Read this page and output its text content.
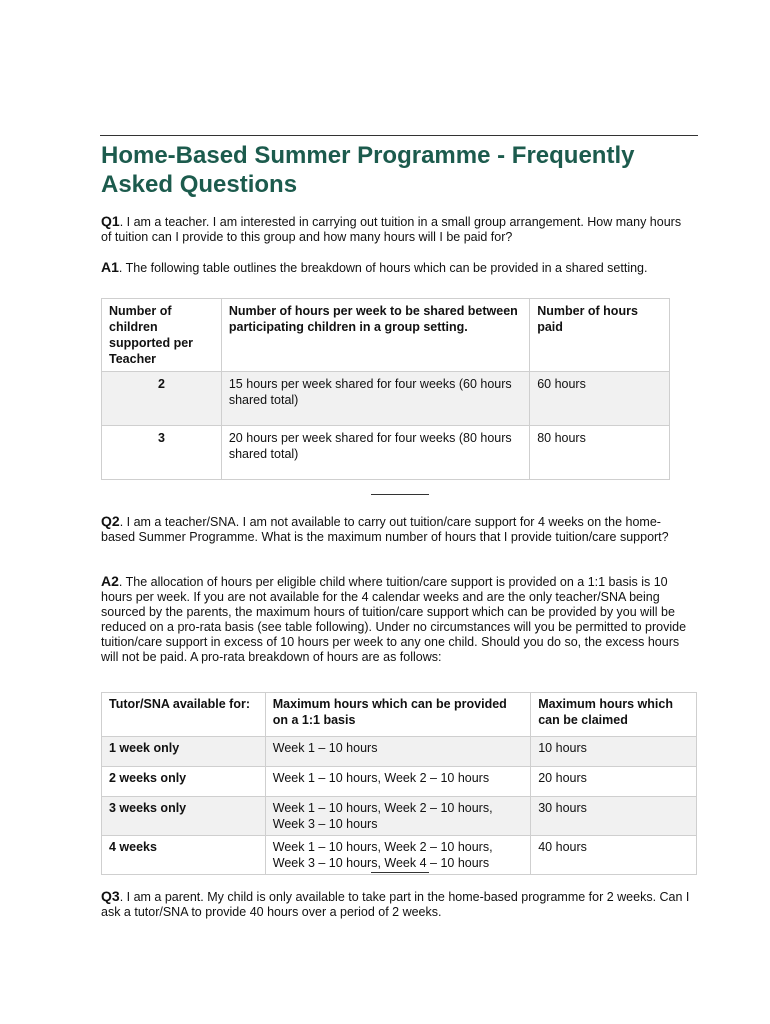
Home-Based Summer Programme - Frequently Asked Questions

Q1. I am a teacher. I am interested in carrying out tuition in a small group arrangement. How many hours of tuition can I provide to this group and how many hours will I be paid for?

A1. The following table outlines the breakdown of hours which can be provided in a shared setting.

Number of children supported per Teacher	Number of hours per week to be shared between participating children in a group setting.	Number of hours paid
2	15 hours per week shared for four weeks (60 hours shared total)	60 hours
3	20 hours per week shared for four weeks (80 hours shared total)	80 hours

Q2. I am a teacher/SNA. I am not available to carry out tuition/care support for 4 weeks on the home-based Summer Programme. What is the maximum number of hours that I provide tuition/care support?

A2. The allocation of hours per eligible child where tuition/care support is provided on a 1:1 basis is 10 hours per week. If you are not available for the 4 calendar weeks and are the only teacher/SNA being sourced by the parents, the maximum hours of tuition/care support which can be provided by you will be reduced on a pro-rata basis (see table following). Under no circumstances will you be permitted to provide tuition/care support in excess of 10 hours per week to any one child. Should you do so, the excess hours will not be paid. A pro-rata breakdown of hours are as follows:

Tutor/SNA available for:	Maximum hours which can be provided on a 1:1 basis	Maximum hours which can be claimed
1 week only	Week 1 – 10 hours	10 hours
2 weeks only	Week 1 – 10 hours, Week 2 – 10 hours	20 hours
3 weeks only	Week 1 – 10 hours, Week 2 – 10 hours, Week 3 – 10 hours	30 hours
4 weeks	Week 1 – 10 hours, Week 2 – 10 hours, Week 3 – 10 hours, Week 4 – 10 hours	40 hours

Q3. I am a parent. My child is only available to take part in the home-based programme for 2 weeks. Can I ask a tutor/SNA to provide 40 hours over a period of 2 weeks.
